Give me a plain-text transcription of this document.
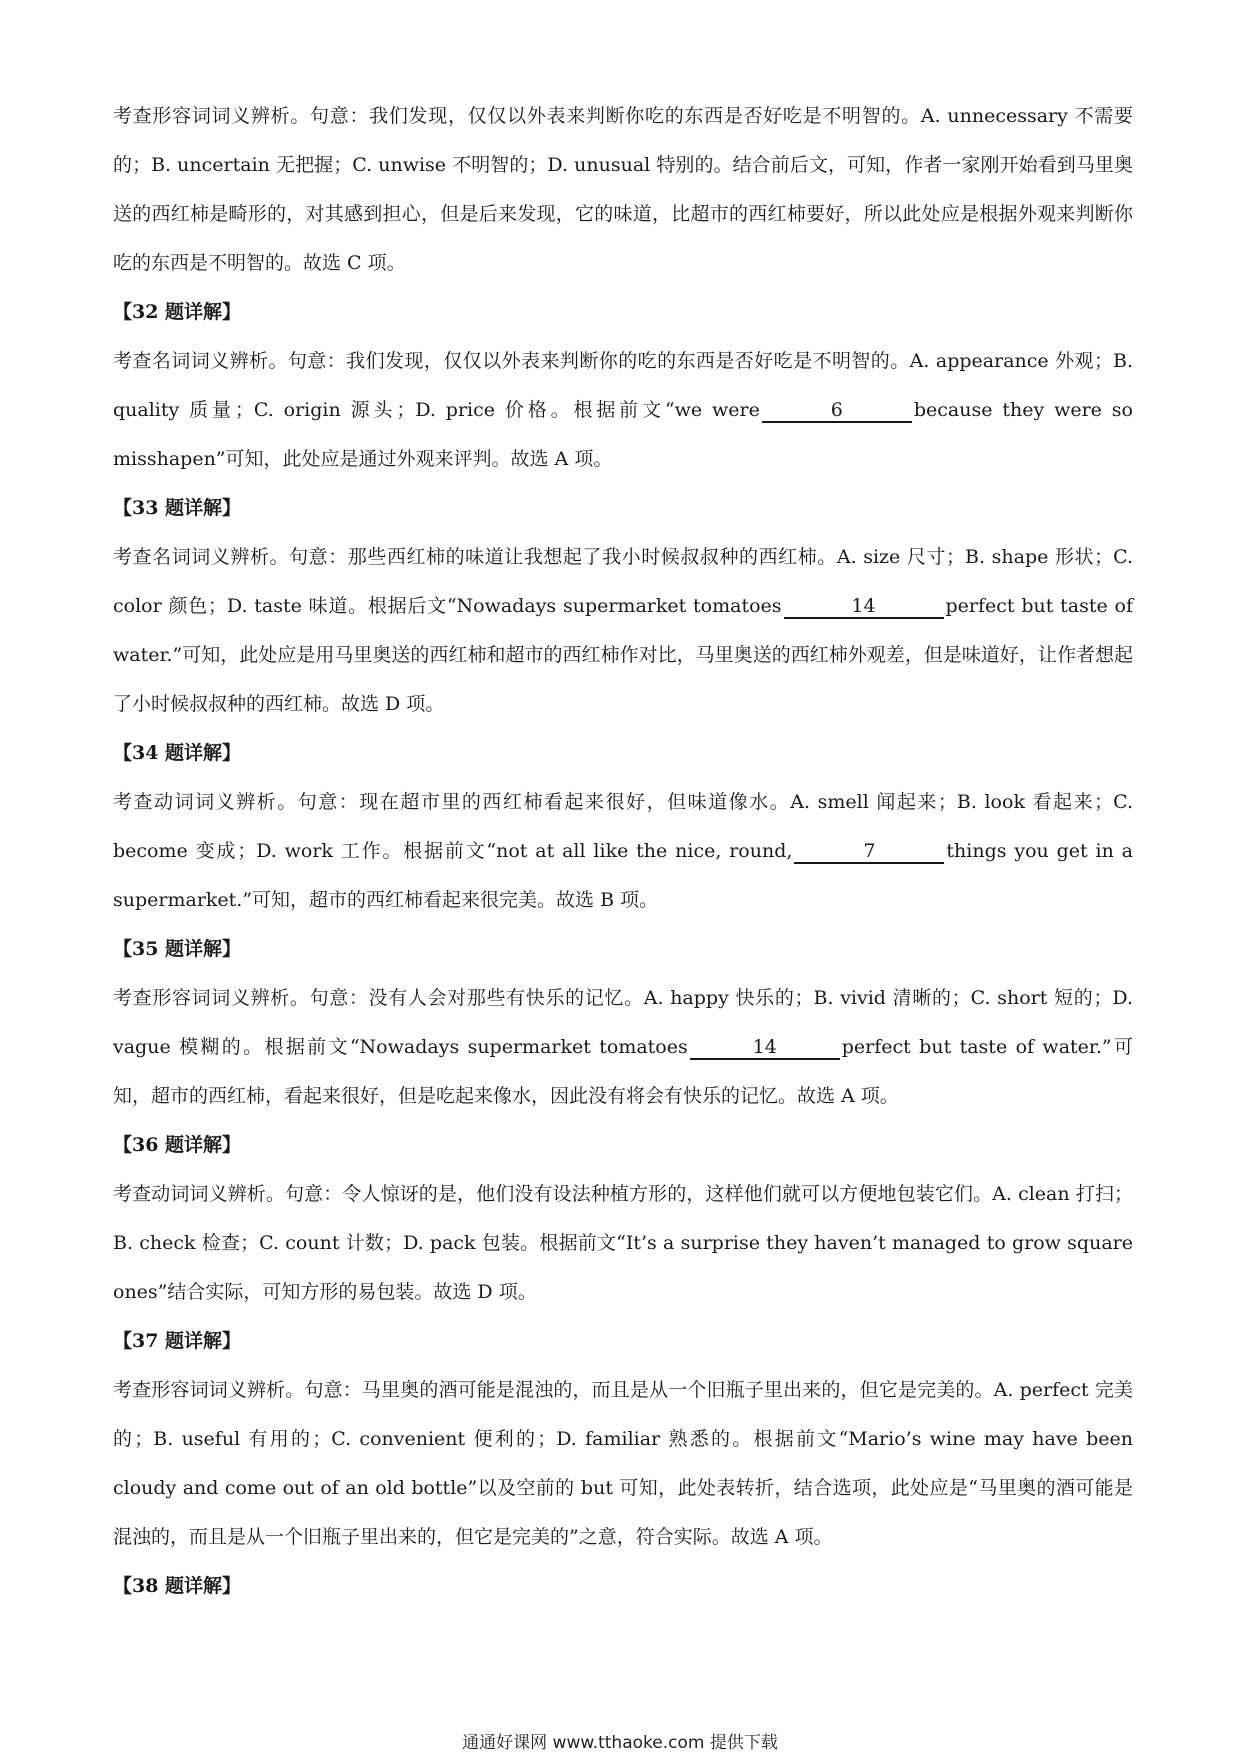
考查形容词词义辨析。句意：我们发现，仅仅以外表来判断你吃的东西是否好吃是不明智的。A. unnecessary 不需要的；B. uncertain 无把握；C. unwise 不明智的；D. unusual 特别的。结合前后文，可知，作者一家刚开始看到马里奥送的西红柿是畸形的，对其感到担心，但是后来发现，它的味道，比超市的西红柿要好，所以此处应是根据外观来判断你吃的东西是不明智的。故选 C 项。

【32 题详解】

考查名词词义辨析。句意：我们发现，仅仅以外表来判断你的吃的东西是否好吃是不明智的。A. appearance 外观；B. quality 质量；C. origin 源头；D. price 价格。根据前文“we were	6	because they were so misshapen”可知，此处应是通过外观来评判。故选 A 项。

【33 题详解】

考查名词词义辨析。句意：那些西红柿的味道让我想起了我小时候叔叔种的西红柿。A. size 尺寸；B. shape 形状；C. color 颜色；D. taste 味道。根据后文“Nowadays supermarket tomatoes	14	perfect but taste of water.”可知，此处应是用马里奥送的西红柿和超市的西红柿作对比，马里奥送的西红柿外观差，但是味道好，让作者想起了小时候叔叔种的西红柿。故选 D 项。

【34 题详解】

考查动词词义辨析。句意：现在超市里的西红柿看起来很好，但味道像水。A. smell 闻起来；B. look 看起来；C. become 变成；D. work 工作。根据前文“not at all like the nice, round,	7	things you get in a supermarket.”可知，超市的西红柿看起来很完美。故选 B 项。

【35 题详解】

考查形容词词义辨析。句意：没有人会对那些有快乐的记忆。A. happy 快乐的；B. vivid 清晰的；C. short 短的；D. vague 模糊的。根据前文“Nowadays supermarket tomatoes	14	perfect but taste of water.”可知，超市的西红柿，看起来很好，但是吃起来像水，因此没有将会有快乐的记忆。故选 A 项。

【36 题详解】

考查动词词义辨析。句意：令人惊讶的是，他们没有设法种植方形的，这样他们就可以方便地包装它们。A. clean 打扫；B. check 检查；C. count 计数；D. pack 包装。根据前文“It’s a surprise they haven’t managed to grow square ones”结合实际，可知方形的易包装。故选 D 项。

【37 题详解】

考查形容词词义辨析。句意：马里奥的酒可能是混浊的，而且是从一个旧瓶子里出来的，但它是完美的。A. perfect 完美的；B. useful 有用的；C. convenient 便利的；D. familiar 熟悉的。根据前文“Mario’s wine may have been cloudy and come out of an old bottle”以及空前的 but 可知，此处表转折，结合选项，此处应是“马里奥的酒可能是混浊的，而且是从一个旧瓶子里出来的，但它是完美的”之意，符合实际。故选 A 项。

【38 题详解】

通通好课网 www.tthaoke.com 提供下载
